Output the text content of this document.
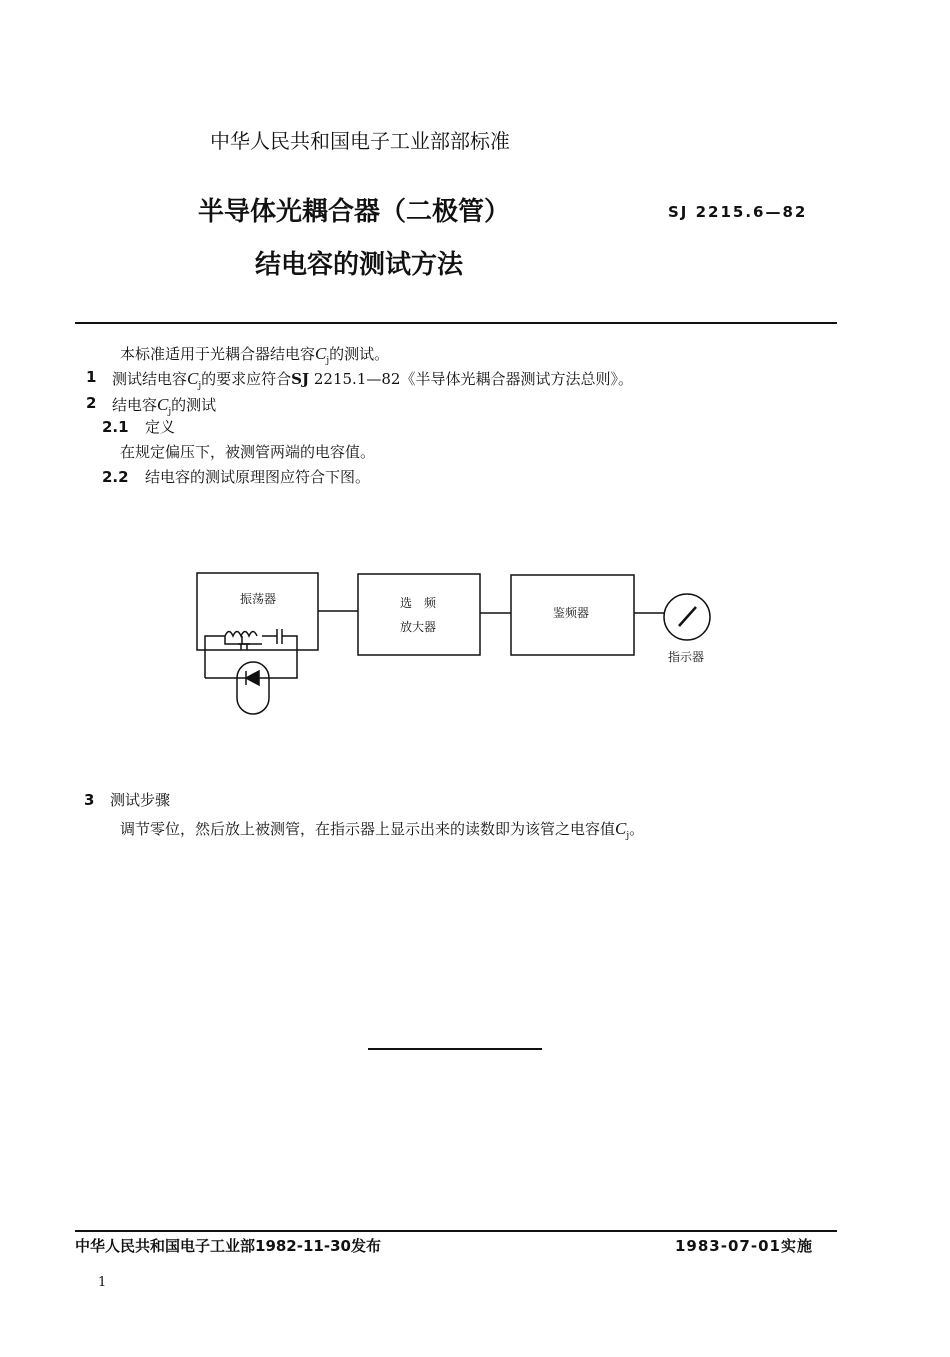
中华人民共和国电子工业部部标准
半导体光耦合器（二极管）	SJ 2215.6—82
结电容的测试方法
本标准适用于光耦合器结电容$C_j$的测试。
1 测试结电容$C_j$的要求应符合SJ 2215.1—82《半导体光耦合器测试方法总则》。
2 结电容$C_j$的测试
2.1 定义
在规定偏压下，被测管两端的电容值。
2.2 结电容的测试原理图应符合下图。
振荡器	选　频
放大器
鉴频器
指示器
3 测试步骤
调节零位，然后放上被测管，在指示器上显示出来的读数即为该管之电容值$C_j$。
中华人民共和国电子工业部1982-11-30发布	1983-07-01实施
1
